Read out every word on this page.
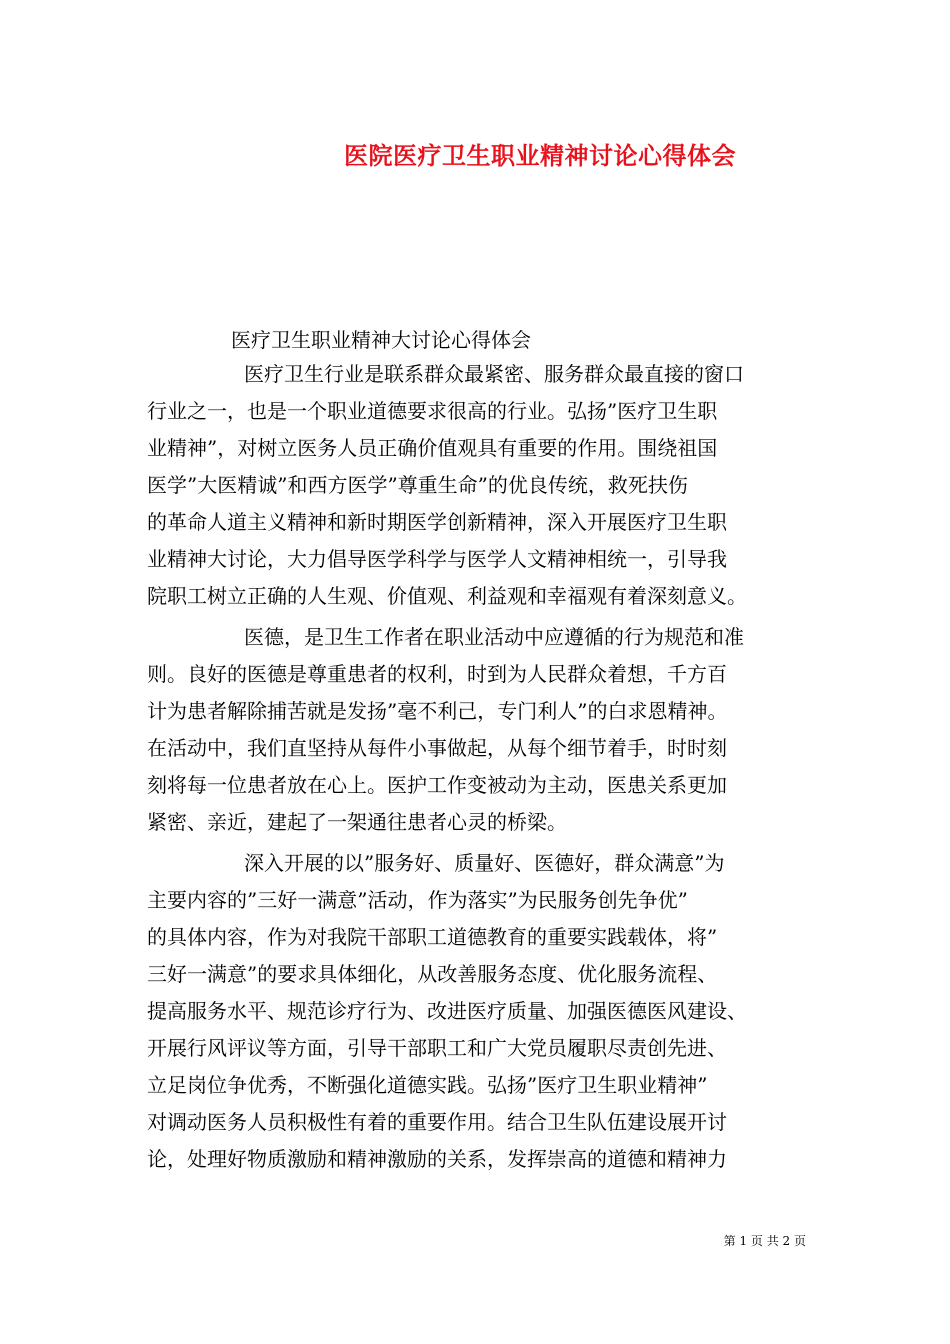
医院医疗卫生职业精神讨论心得体会

医疗卫生职业精神大讨论心得体会

医疗卫生行业是联系群众最紧密、服务群众最直接的窗口
行业之一，也是一个职业道德要求很高的行业。弘扬”医疗卫生职
业精神”，对树立医务人员正确价值观具有重要的作用。围绕祖国
医学”大医精诚”和西方医学”尊重生命”的优良传统，救死扶伤
的革命人道主义精神和新时期医学创新精神，深入开展医疗卫生职
业精神大讨论，大力倡导医学科学与医学人文精神相统一，引导我
院职工树立正确的人生观、价值观、利益观和幸福观有着深刻意义。
医德，是卫生工作者在职业活动中应遵循的行为规范和准
则。良好的医德是尊重患者的权利，时到为人民群众着想，千方百
计为患者解除捕苦就是发扬”毫不利己，专门利人”的白求恩精神。
在活动中，我们直坚持从每件小事做起，从每个细节着手，时时刻
刻将每一位患者放在心上。医护工作变被动为主动，医患关系更加
紧密、亲近，建起了一架通往患者心灵的桥梁。
深入开展的以”服务好、质量好、医德好，群众满意”为
主要内容的”三好一满意”活动，作为落实”为民服务创先争优”
的具体内容，作为对我院干部职工道德教育的重要实践载体，将”
三好一满意”的要求具体细化，从改善服务态度、优化服务流程、
提高服务水平、规范诊疗行为、改进医疗质量、加强医德医风建设、
开展行风评议等方面，引导干部职工和广大党员履职尽责创先进、
立足岗位争优秀，不断强化道德实践。弘扬”医疗卫生职业精神”
对调动医务人员积极性有着的重要作用。结合卫生队伍建设展开讨
论，处理好物质激励和精神激励的关系，发挥崇高的道德和精神力
第 1 页 共 2 页
